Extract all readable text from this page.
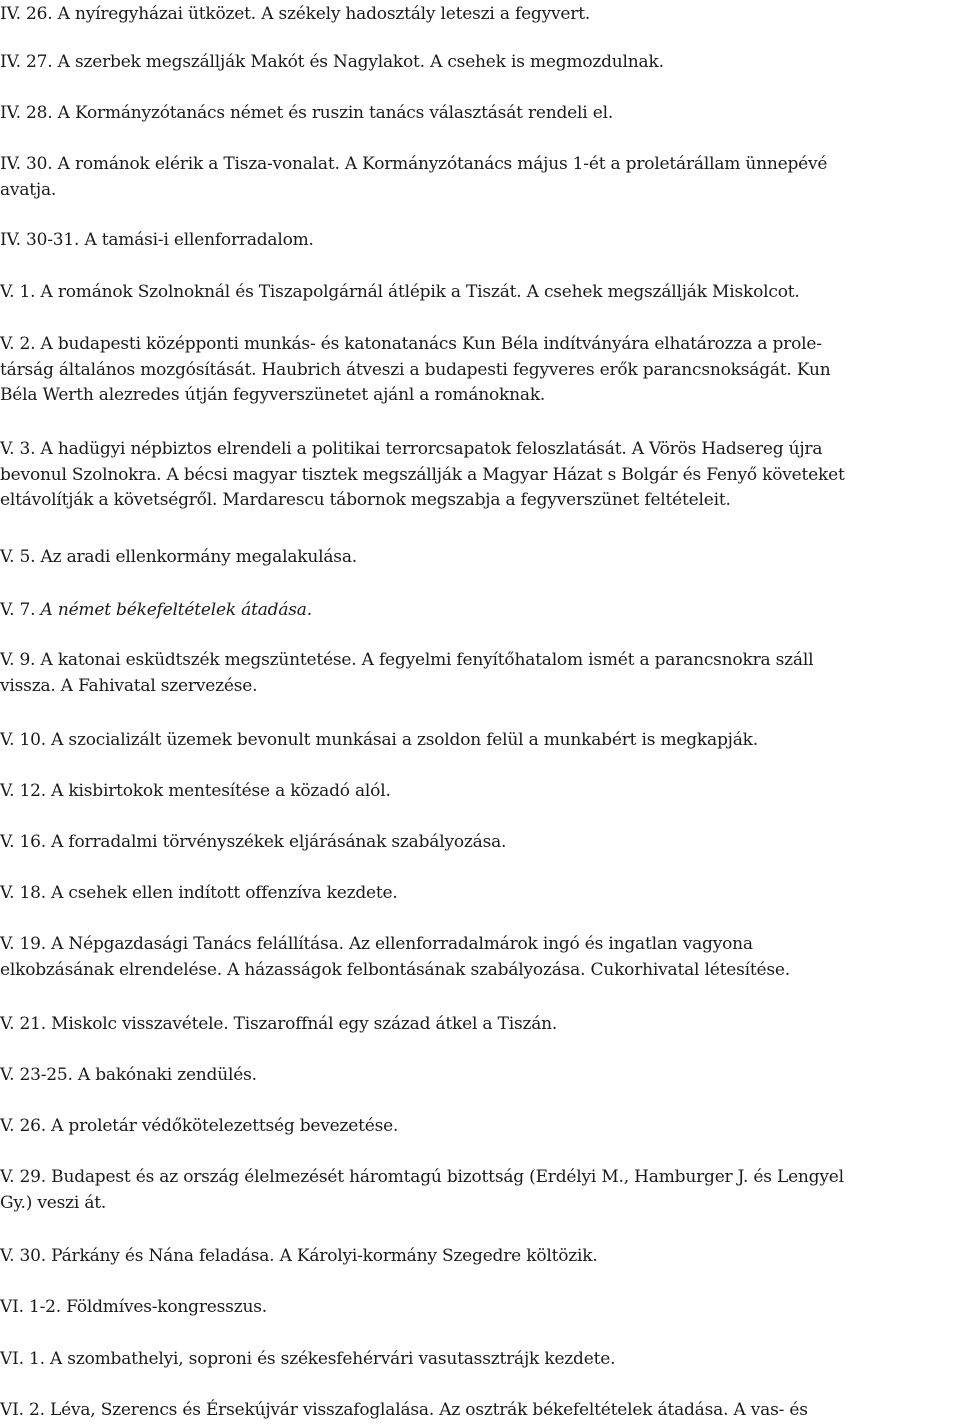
IV. 26. A nyíregyházai ütközet. A székely hadosztály leteszi a fegyvert.

IV. 27. A szerbek megszállják Makót és Nagylakot. A csehek is megmozdulnak.

IV. 28. A Kormányzótanács német és ruszin tanács választását rendeli el.

IV. 30. A románok elérik a Tisza-vonalat. A Kormányzótanács május 1-ét a proletárállam ünnepévé
avatja.

IV. 30-31. A tamási-i ellenforradalom.

V. 1. A románok Szolnoknál és Tiszapolgárnál átlépik a Tiszát. A csehek megszállják Miskolcot.

V. 2. A budapesti középponti munkás- és katonatanács Kun Béla indítványára elhatározza a prole-
társág általános mozgósítását. Haubrich átveszi a budapesti fegyveres erők parancsnokságát. Kun
Béla Werth alezredes útján fegyverszünetet ajánl a románoknak.

V. 3. A hadügyi népbiztos elrendeli a politikai terrorcsapatok feloszlatását. A Vörös Hadsereg újra
bevonul Szolnokra. A bécsi magyar tisztek megszállják a Magyar Házat s Bolgár és Fenyő követeket
eltávolítják a követségről. Mardarescu tábornok megszabja a fegyverszünet feltételeit.

V. 5. Az aradi ellenkormány megalakulása.

V. 7. A német békefeltételek átadása.

V. 9. A katonai esküdtszék megszüntetése. A fegyelmi fenyítőhatalom ismét a parancsnokra száll
vissza. A Fahivatal szervezése.

V. 10. A szocializált üzemek bevonult munkásai a zsoldon felül a munkabért is megkapják.

V. 12. A kisbirtokok mentesítése a közadó alól.

V. 16. A forradalmi törvényszékek eljárásának szabályozása.

V. 18. A csehek ellen indított offenzíva kezdete.

V. 19. A Népgazdasági Tanács felállítása. Az ellenforradalmárok ingó és ingatlan vagyona
elkobzásának elrendelése. A házasságok felbontásának szabályozása. Cukorhivatal létesítése.

V. 21. Miskolc visszavétele. Tiszaroffnál egy század átkel a Tiszán.

V. 23-25. A bakónaki zendülés.

V. 26. A proletár védőkötelezettség bevezetése.

V. 29. Budapest és az ország élelmezését háromtagú bizottság (Erdélyi M., Hamburger J. és Lengyel
Gy.) veszi át.

V. 30. Párkány és Nána feladása. A Károlyi-kormány Szegedre költözik.

VI. 1-2. Földmíves-kongresszus.

VI. 1. A szombathelyi, soproni és székesfehérvári vasutassztrájk kezdete.

VI. 2. Léva, Szerencs és Érsekújvár visszafoglalása. Az osztrák békefeltételek átadása. A vas- és
